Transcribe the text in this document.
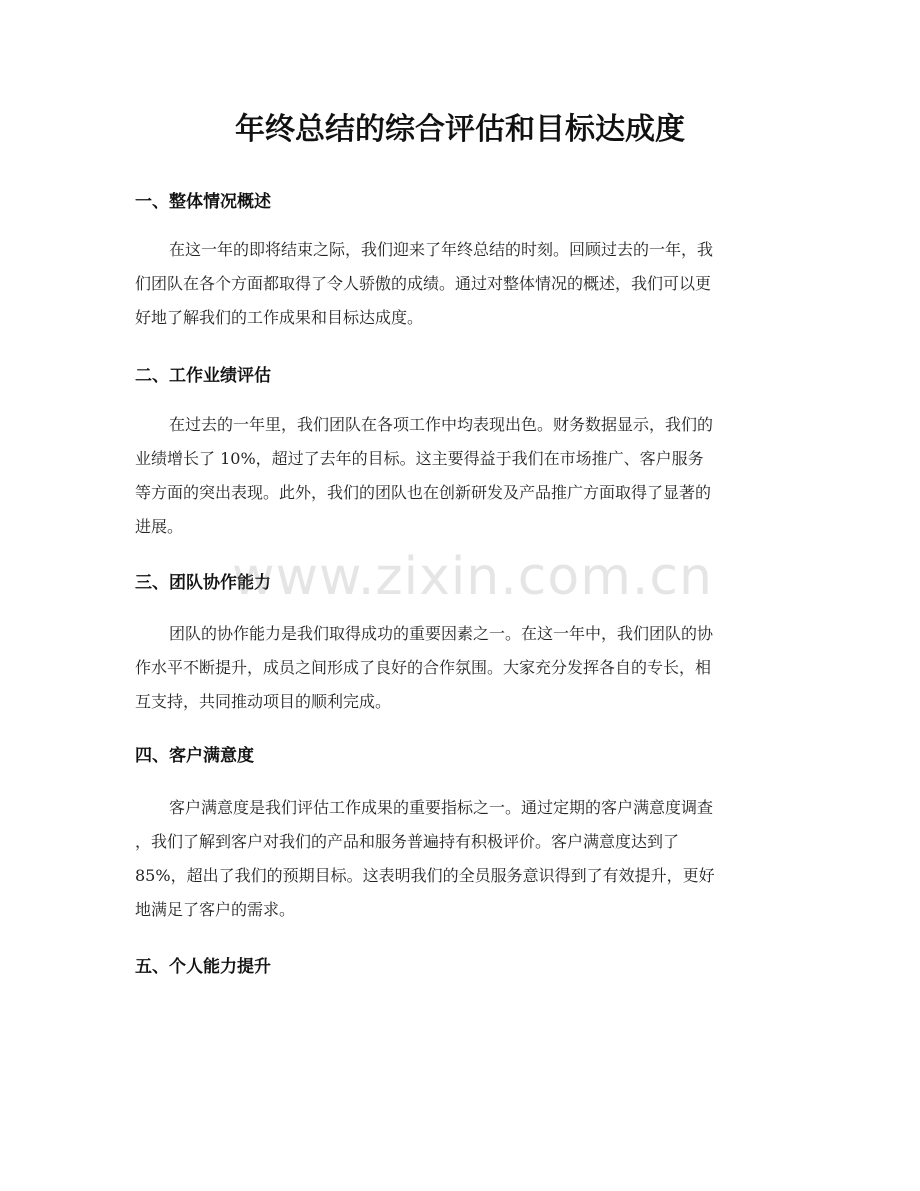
年终总结的综合评估和目标达成度
一、整体情况概述

在这一年的即将结束之际，我们迎来了年终总结的时刻。回顾过去的一年，我
们团队在各个方面都取得了令人骄傲的成绩。通过对整体情况的概述，我们可以更
好地了解我们的工作成果和目标达成度。

二、工作业绩评估

在过去的一年里，我们团队在各项工作中均表现出色。财务数据显示，我们的
业绩增长了 10%，超过了去年的目标。这主要得益于我们在市场推广、客户服务
等方面的突出表现。此外，我们的团队也在创新研发及产品推广方面取得了显著的
进展。

三、团队协作能力

团队的协作能力是我们取得成功的重要因素之一。在这一年中，我们团队的协
作水平不断提升，成员之间形成了良好的合作氛围。大家充分发挥各自的专长，相
互支持，共同推动项目的顺利完成。

四、客户满意度

客户满意度是我们评估工作成果的重要指标之一。通过定期的客户满意度调查
，我们了解到客户对我们的产品和服务普遍持有积极评价。客户满意度达到了
85%，超出了我们的预期目标。这表明我们的全员服务意识得到了有效提升，更好
地满足了客户的需求。

五、个人能力提升
www.zixin.com.cn
